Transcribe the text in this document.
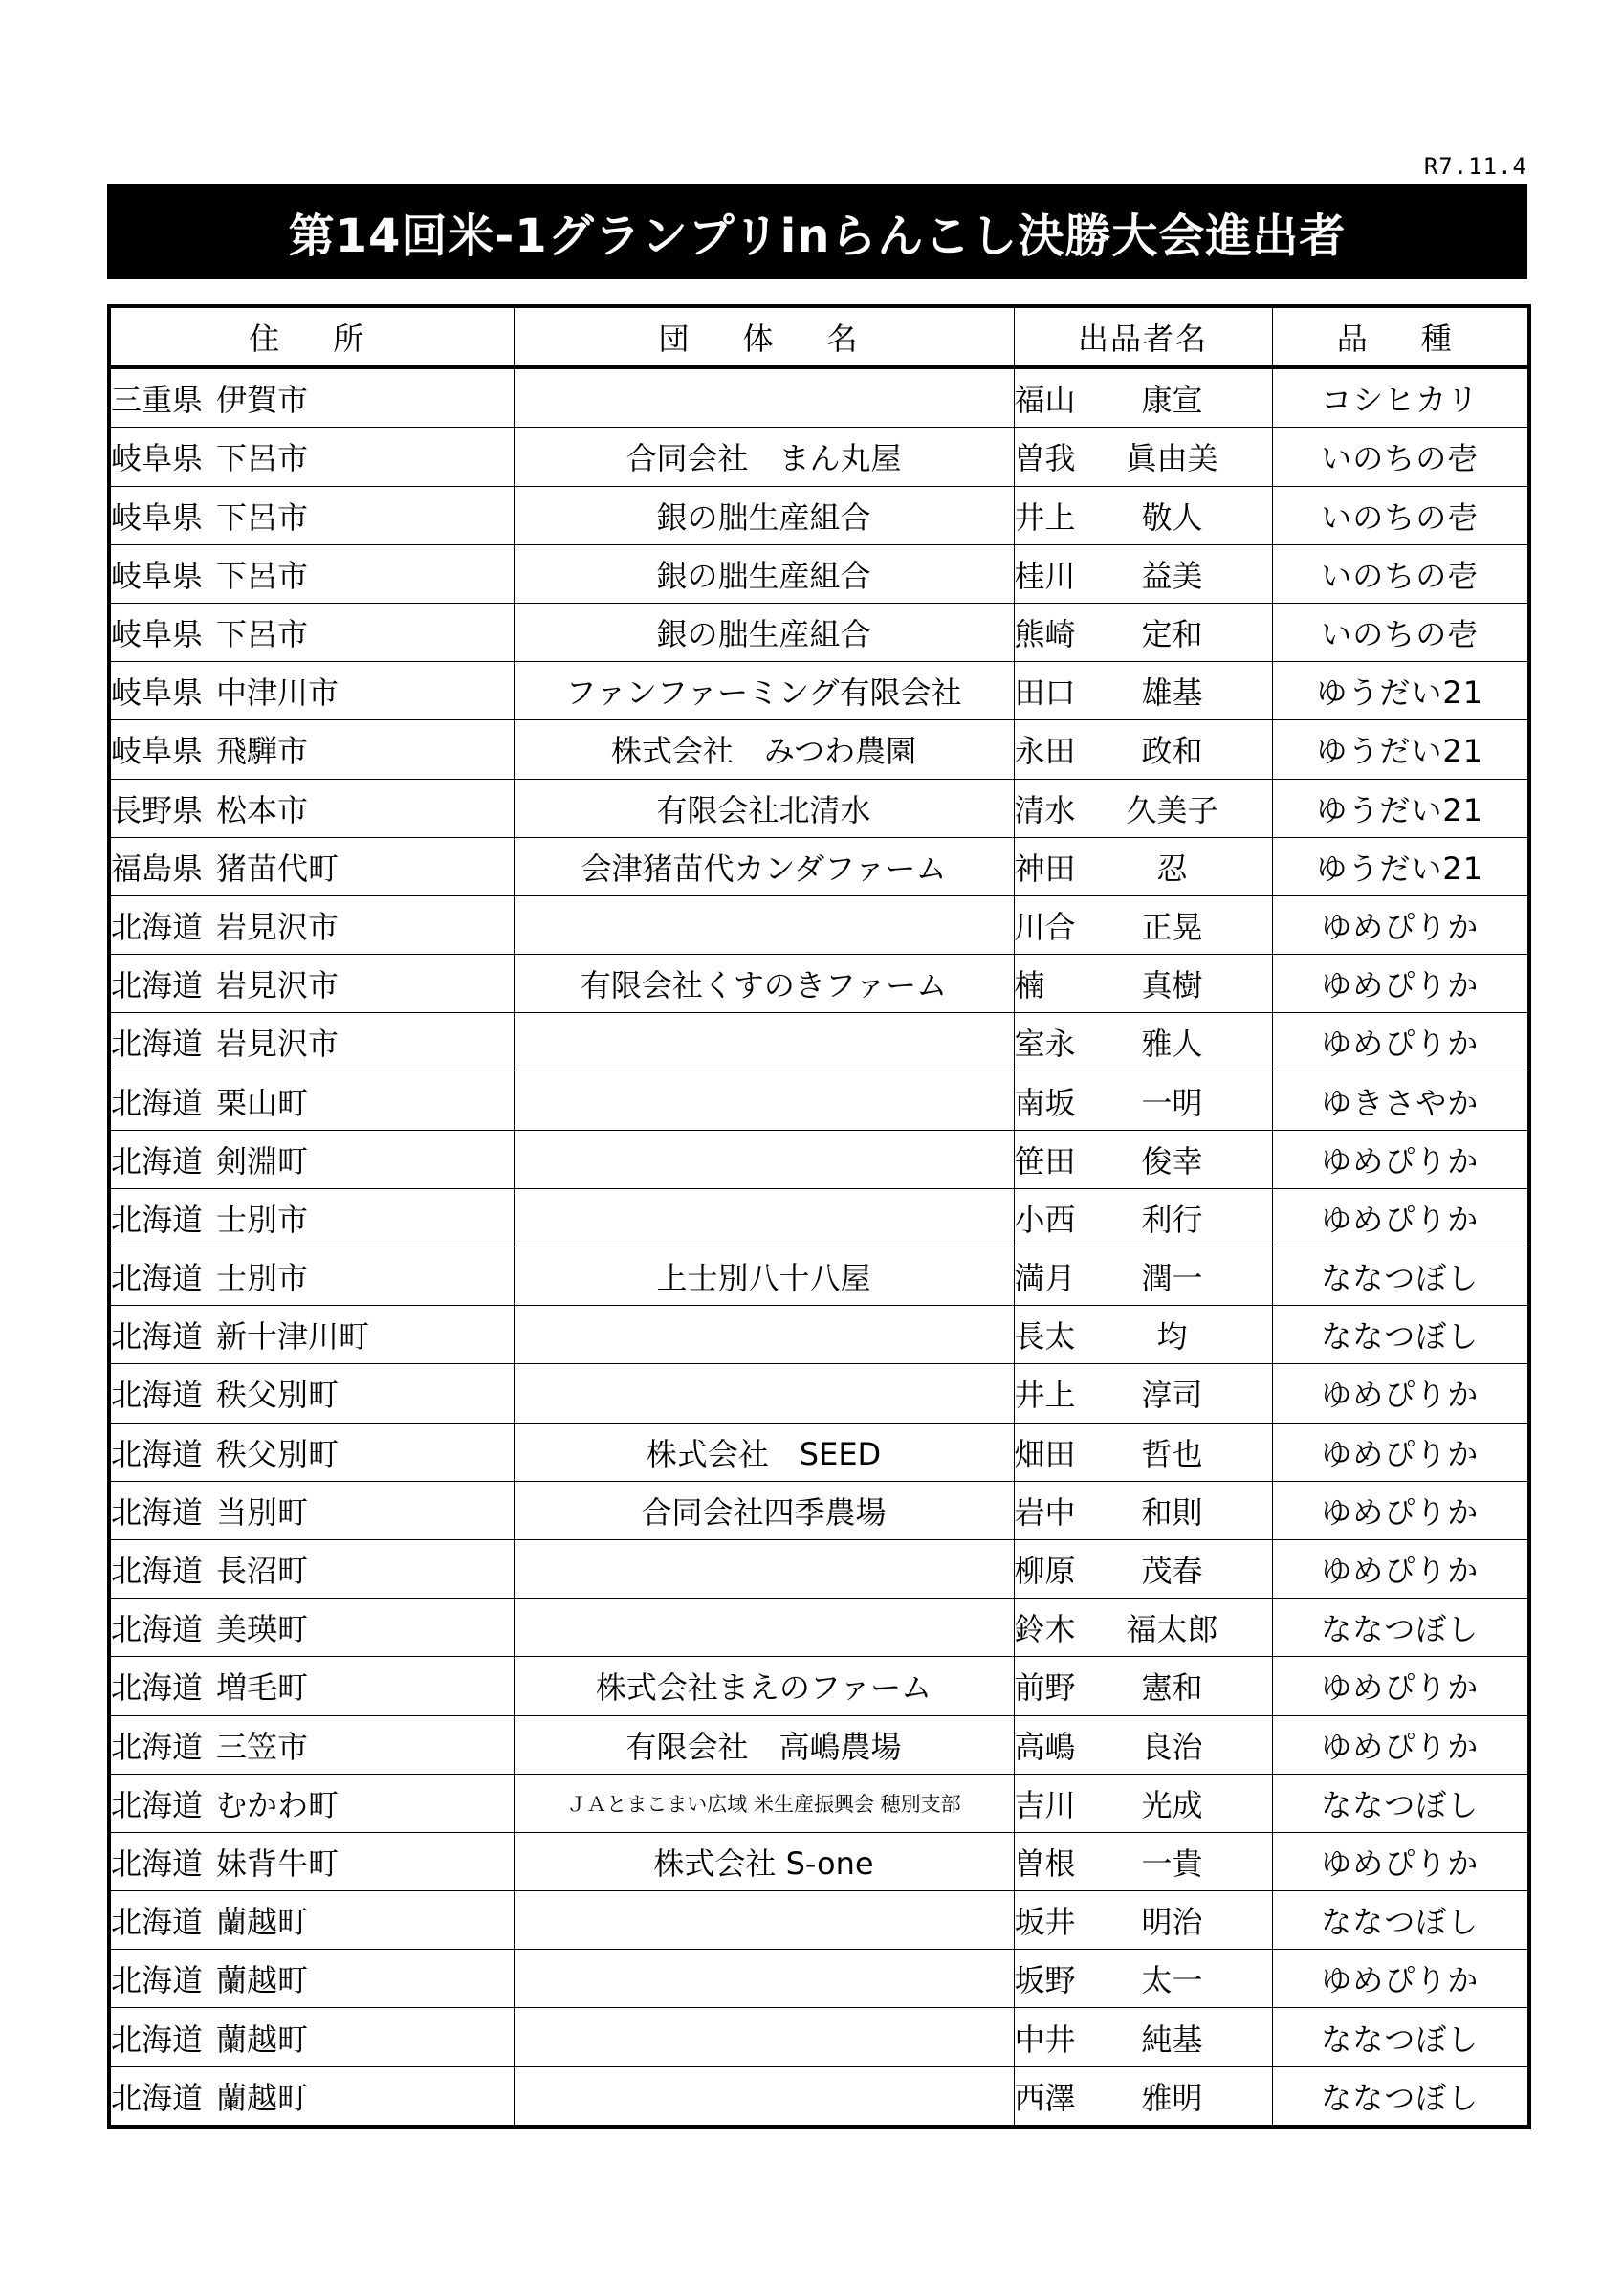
R7.11.4
第14回米-1グランプリinらんこし決勝大会進出者
住　所	団　体　名	出品者名	品　種
三重県 伊賀市		福山 康宣	コシヒカリ
岐阜県 下呂市	合同会社　まん丸屋	曽我 眞由美	いのちの壱
岐阜県 下呂市	銀の朏生産組合	井上 敬人	いのちの壱
岐阜県 下呂市	銀の朏生産組合	桂川 益美	いのちの壱
岐阜県 下呂市	銀の朏生産組合	熊崎 定和	いのちの壱
岐阜県 中津川市	ファンファーミング有限会社	田口 雄基	ゆうだい21
岐阜県 飛騨市	株式会社　みつわ農園	永田 政和	ゆうだい21
長野県 松本市	有限会社北清水	清水 久美子	ゆうだい21
福島県 猪苗代町	会津猪苗代カンダファーム	神田 忍	ゆうだい21
北海道 岩見沢市		川合 正晃	ゆめぴりか
北海道 岩見沢市	有限会社くすのきファーム	楠 真樹	ゆめぴりか
北海道 岩見沢市		室永 雅人	ゆめぴりか
北海道 栗山町		南坂 一明	ゆきさやか
北海道 剣淵町		笹田 俊幸	ゆめぴりか
北海道 士別市		小西 利行	ゆめぴりか
北海道 士別市	上士別八十八屋	満月 潤一	ななつぼし
北海道 新十津川町		長太 均	ななつぼし
北海道 秩父別町		井上 淳司	ゆめぴりか
北海道 秩父別町	株式会社　SEED	畑田 哲也	ゆめぴりか
北海道 当別町	合同会社四季農場	岩中 和則	ゆめぴりか
北海道 長沼町		柳原 茂春	ゆめぴりか
北海道 美瑛町		鈴木 福太郎	ななつぼし
北海道 増毛町	株式会社まえのファーム	前野 憲和	ゆめぴりか
北海道 三笠市	有限会社　高嶋農場	高嶋 良治	ゆめぴりか
北海道 むかわ町	ＪＡとまこまい広域 米生産振興会 穂別支部	吉川 光成	ななつぼし
北海道 妹背牛町	株式会社 S-one	曽根 一貴	ゆめぴりか
北海道 蘭越町		坂井 明治	ななつぼし
北海道 蘭越町		坂野 太一	ゆめぴりか
北海道 蘭越町		中井 純基	ななつぼし
北海道 蘭越町		西澤 雅明	ななつぼし
